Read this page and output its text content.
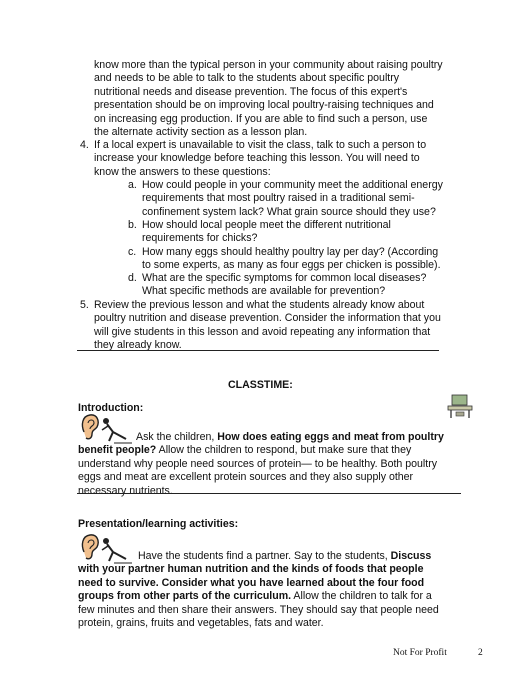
know more than the typical person in your community about raising poultry and needs to be able to talk to the students about specific poultry nutritional needs and disease prevention. The focus of this expert's presentation should be on improving local poultry-raising techniques and on increasing egg production. If you are able to find such a person, use the alternate activity section as a lesson plan.
4. If a local expert is unavailable to visit the class, talk to such a person to increase your knowledge before teaching this lesson. You will need to know the answers to these questions:
a. How could people in your community meet the additional energy requirements that most poultry raised in a traditional semi-confinement system lack? What grain source should they use?
b. How should local people meet the different nutritional requirements for chicks?
c. How many eggs should healthy poultry lay per day? (According to some experts, as many as four eggs per chicken is possible).
d. What are the specific symptoms for common local diseases? What specific methods are available for prevention?
5. Review the previous lesson and what the students already know about poultry nutrition and disease prevention. Consider the information that you will give students in this lesson and avoid repeating any information that they already know.
CLASSTIME:
Introduction:
Ask the children, How does eating eggs and meat from poultry benefit people? Allow the children to respond, but make sure that they understand why people need sources of protein— to be healthy. Both poultry eggs and meat are excellent protein sources and they also supply other necessary nutrients.
Presentation/learning activities:
Have the students find a partner. Say to the students, Discuss with your partner human nutrition and the kinds of foods that people need to survive. Consider what you have learned about the four food groups from other parts of the curriculum. Allow the children to talk for a few minutes and then share their answers. They should say that people need protein, grains, fruits and vegetables, fats and water.
Not For Profit	2
